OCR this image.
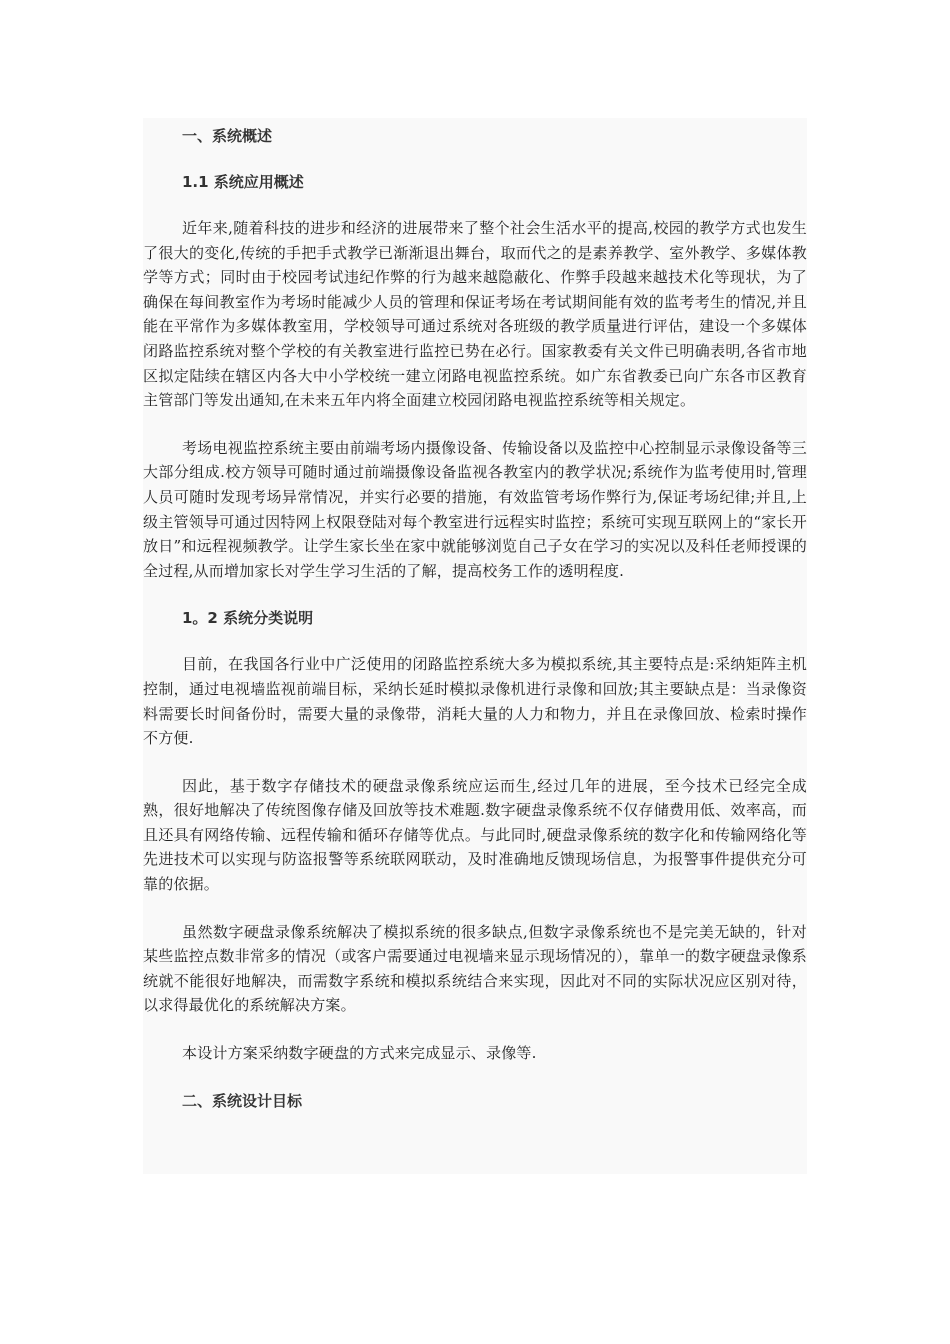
一、系统概述

1.1 系统应用概述

近年来,随着科技的进步和经济的进展带来了整个社会生活水平的提高,校园的教学方式也发生了很大的变化,传统的手把手式教学已渐渐退出舞台，取而代之的是素养教学、室外教学、多媒体教学等方式；同时由于校园考试违纪作弊的行为越来越隐蔽化、作弊手段越来越技术化等现状，为了确保在每间教室作为考场时能减少人员的管理和保证考场在考试期间能有效的监考考生的情况,并且能在平常作为多媒体教室用，学校领导可通过系统对各班级的教学质量进行评估，建设一个多媒体闭路监控系统对整个学校的有关教室进行监控已势在必行。国家教委有关文件已明确表明,各省市地区拟定陆续在辖区内各大中小学校统一建立闭路电视监控系统。如广东省教委已向广东各市区教育主管部门等发出通知,在未来五年内将全面建立校园闭路电视监控系统等相关规定。

考场电视监控系统主要由前端考场内摄像设备、传输设备以及监控中心控制显示录像设备等三大部分组成.校方领导可随时通过前端摄像设备监视各教室内的教学状况;系统作为监考使用时,管理人员可随时发现考场异常情况，并实行必要的措施，有效监管考场作弊行为,保证考场纪律;并且,上级主管领导可通过因特网上权限登陆对每个教室进行远程实时监控；系统可实现互联网上的“家长开放日”和远程视频教学。让学生家长坐在家中就能够浏览自己子女在学习的实况以及科任老师授课的全过程,从而增加家长对学生学习生活的了解，提高校务工作的透明程度.

1。2 系统分类说明

目前，在我国各行业中广泛使用的闭路监控系统大多为模拟系统,其主要特点是:采纳矩阵主机控制，通过电视墙监视前端目标，采纳长延时模拟录像机进行录像和回放;其主要缺点是：当录像资料需要长时间备份时，需要大量的录像带，消耗大量的人力和物力，并且在录像回放、检索时操作不方便.

因此，基于数字存储技术的硬盘录像系统应运而生,经过几年的进展，至今技术已经完全成熟，很好地解决了传统图像存储及回放等技术难题.数字硬盘录像系统不仅存储费用低、效率高，而且还具有网络传输、远程传输和循环存储等优点。与此同时,硬盘录像系统的数字化和传输网络化等先进技术可以实现与防盗报警等系统联网联动，及时准确地反馈现场信息，为报警事件提供充分可靠的依据。

虽然数字硬盘录像系统解决了模拟系统的很多缺点,但数字录像系统也不是完美无缺的，针对某些监控点数非常多的情况（或客户需要通过电视墙来显示现场情况的），靠单一的数字硬盘录像系统就不能很好地解决，而需数字系统和模拟系统结合来实现，因此对不同的实际状况应区别对待，以求得最优化的系统解决方案。

本设计方案采纳数字硬盘的方式来完成显示、录像等.

二、系统设计目标
